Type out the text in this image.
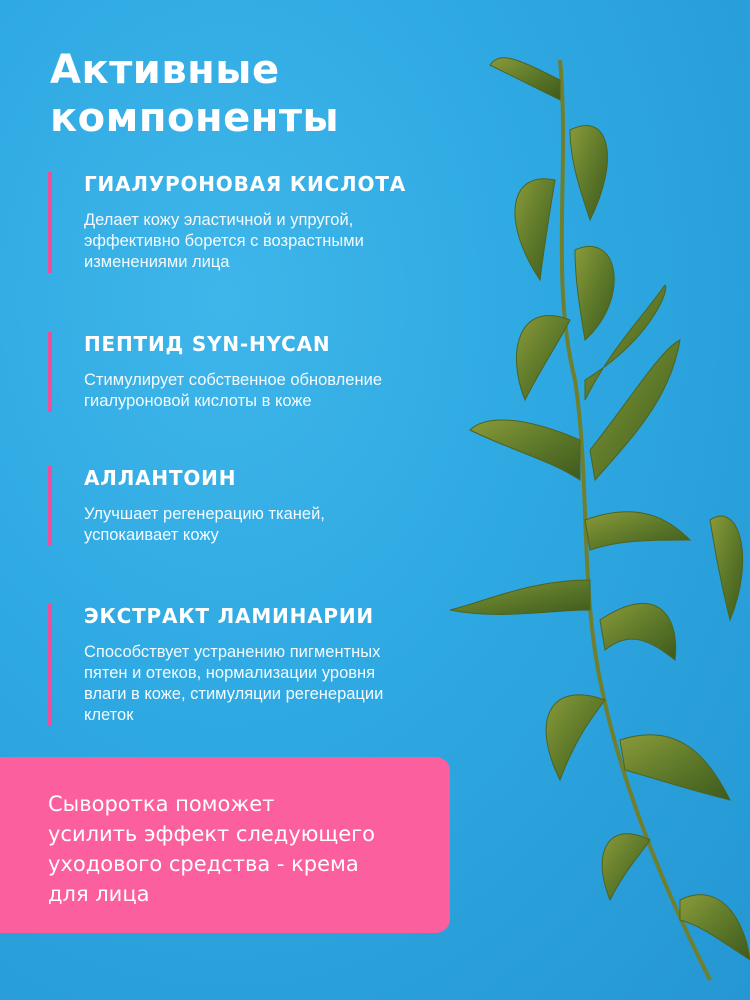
Активные
компоненты
ГИАЛУРОНОВАЯ КИСЛОТА

Делает кожу эластичной и упругой,
эффективно борется с возрастными
изменениями лица

ПЕПТИД SYN-HYCAN

Стимулирует собственное обновление
гиалуроновой кислоты в коже

АЛЛАНТОИН

Улучшает регенерацию тканей,
успокаивает кожу

ЭКСТРАКТ ЛАМИНАРИИ

Способствует устранению пигментных
пятен и отеков, нормализации уровня
влаги в коже, стимуляции регенерации
клеток

Сыворотка поможет
усилить эффект следующего
уходового средства - крема
для лица
